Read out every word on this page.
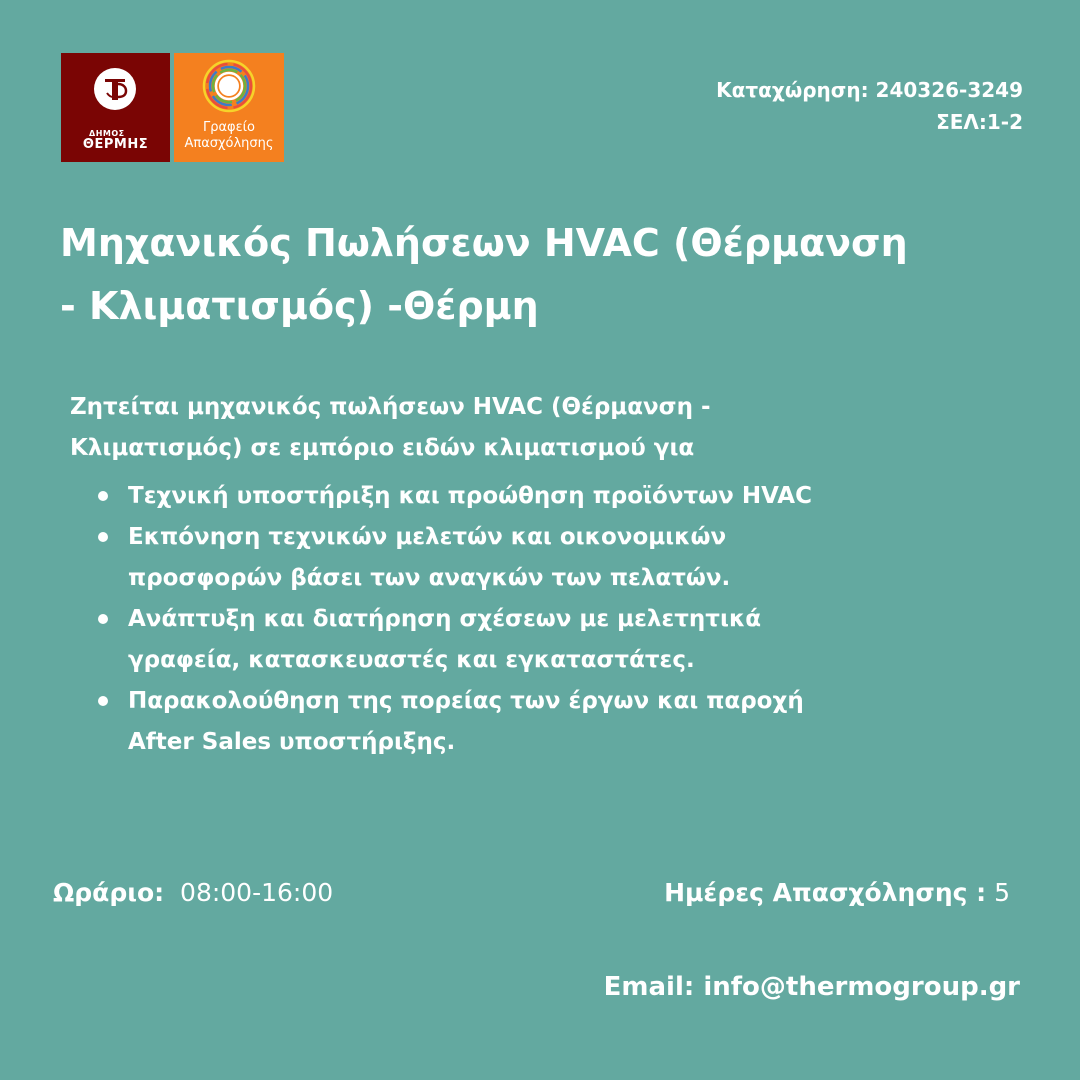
ΔΗΜΟΣ
ΘΕΡΜΗΣ
Γραφείο
Απασχόλησης
Καταχώρηση: 240326-3249
ΣΕΛ:1-2
Μηχανικός Πωλήσεων HVAC (Θέρμανση
- Κλιματισμός) -Θέρμη

Ζητείται μηχανικός πωλήσεων HVAC (Θέρμανση -
Κλιματισμός) σε εμπόριο ειδών κλιματισμού για

Τεχνική υποστήριξη και προώθηση προϊόντων HVAC
Εκπόνηση τεχνικών μελετών και οικονομικών
προσφορών βάσει των αναγκών των πελατών.
Ανάπτυξη και διατήρηση σχέσεων με μελετητικά
γραφεία, κατασκευαστές και εγκαταστάτες.
Παρακολούθηση της πορείας των έργων και παροχή
After Sales υποστήριξης.
Ωράριο: 08:00-16:00	Ημέρες Απασχόλησης : 5
Email: info@thermogroup.gr
